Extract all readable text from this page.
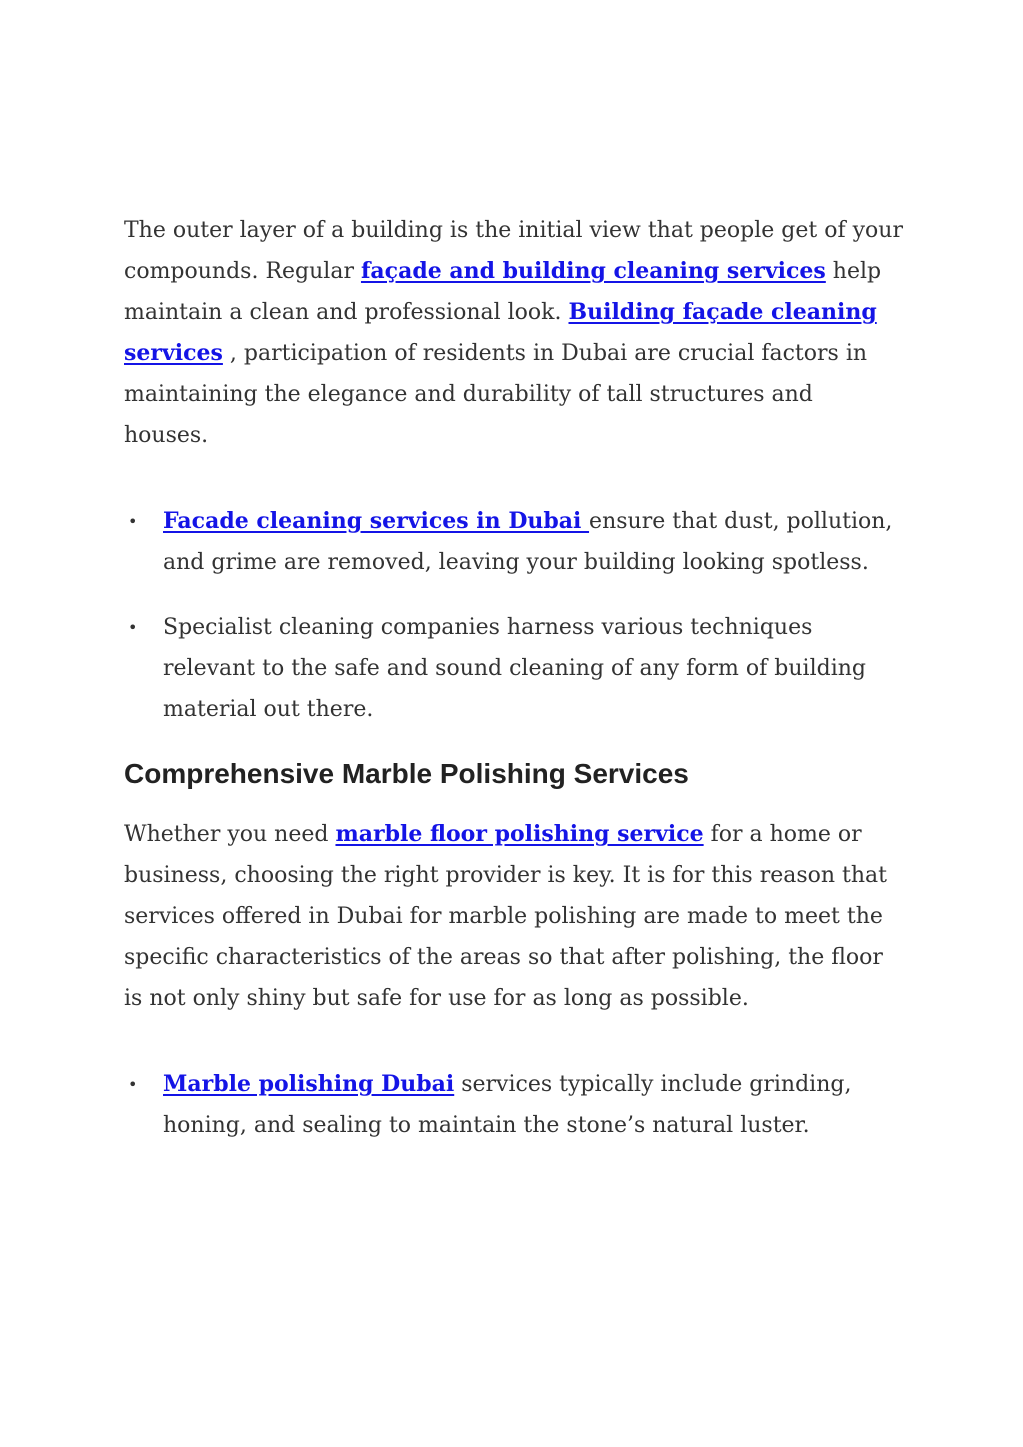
The outer layer of a building is the initial view that people get of your compounds. Regular façade and building cleaning services help maintain a clean and professional look. Building façade cleaning services , participation of residents in Dubai are crucial factors in maintaining the elegance and durability of tall structures and houses.

• Facade cleaning services in Dubai ensure that dust, pollution, and grime are removed, leaving your building looking spotless.
• Specialist cleaning companies harness various techniques relevant to the safe and sound cleaning of any form of building material out there.
Comprehensive Marble Polishing Services

Whether you need marble floor polishing service for a home or business, choosing the right provider is key. It is for this reason that services offered in Dubai for marble polishing are made to meet the specific characteristics of the areas so that after polishing, the floor is not only shiny but safe for use for as long as possible.

• Marble polishing Dubai services typically include grinding, honing, and sealing to maintain the stone’s natural luster.
